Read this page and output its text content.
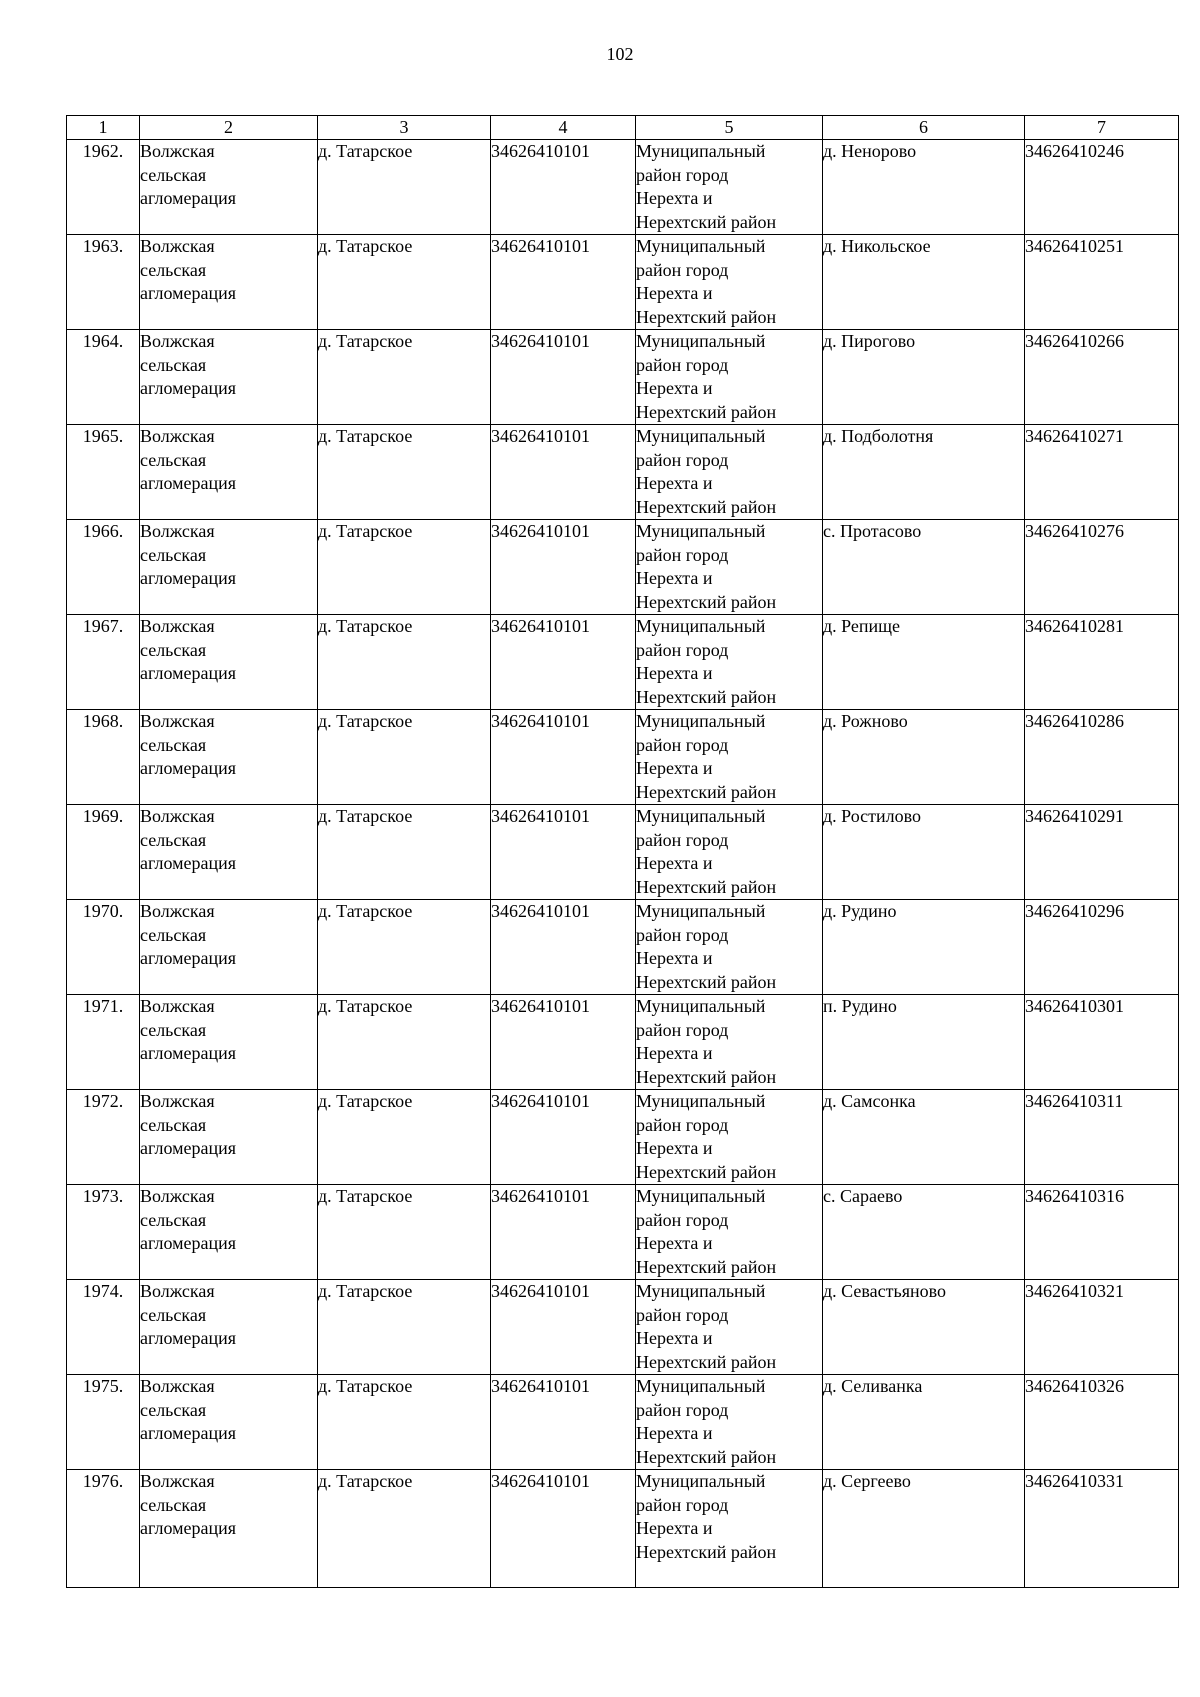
102
1	2	3	4	5	6	7
1962.	Волжская
сельская
агломерация	д. Татарское	34626410101	Муниципальный
район город
Нерехта и
Нерехтский район	д. Ненорово	34626410246
1963.	Волжская
сельская
агломерация	д. Татарское	34626410101	Муниципальный
район город
Нерехта и
Нерехтский район	д. Никольское	34626410251
1964.	Волжская
сельская
агломерация	д. Татарское	34626410101	Муниципальный
район город
Нерехта и
Нерехтский район	д. Пирогово	34626410266
1965.	Волжская
сельская
агломерация	д. Татарское	34626410101	Муниципальный
район город
Нерехта и
Нерехтский район	д. Подболотня	34626410271
1966.	Волжская
сельская
агломерация	д. Татарское	34626410101	Муниципальный
район город
Нерехта и
Нерехтский район	с. Протасово	34626410276
1967.	Волжская
сельская
агломерация	д. Татарское	34626410101	Муниципальный
район город
Нерехта и
Нерехтский район	д. Репище	34626410281
1968.	Волжская
сельская
агломерация	д. Татарское	34626410101	Муниципальный
район город
Нерехта и
Нерехтский район	д. Рожново	34626410286
1969.	Волжская
сельская
агломерация	д. Татарское	34626410101	Муниципальный
район город
Нерехта и
Нерехтский район	д. Ростилово	34626410291
1970.	Волжская
сельская
агломерация	д. Татарское	34626410101	Муниципальный
район город
Нерехта и
Нерехтский район	д. Рудино	34626410296
1971.	Волжская
сельская
агломерация	д. Татарское	34626410101	Муниципальный
район город
Нерехта и
Нерехтский район	п. Рудино	34626410301
1972.	Волжская
сельская
агломерация	д. Татарское	34626410101	Муниципальный
район город
Нерехта и
Нерехтский район	д. Самсонка	34626410311
1973.	Волжская
сельская
агломерация	д. Татарское	34626410101	Муниципальный
район город
Нерехта и
Нерехтский район	с. Сараево	34626410316
1974.	Волжская
сельская
агломерация	д. Татарское	34626410101	Муниципальный
район город
Нерехта и
Нерехтский район	д. Севастьяново	34626410321
1975.	Волжская
сельская
агломерация	д. Татарское	34626410101	Муниципальный
район город
Нерехта и
Нерехтский район	д. Селиванка	34626410326
1976.	Волжская
сельская
агломерация	д. Татарское	34626410101	Муниципальный
район город
Нерехта и
Нерехтский район	д. Сергеево	34626410331
